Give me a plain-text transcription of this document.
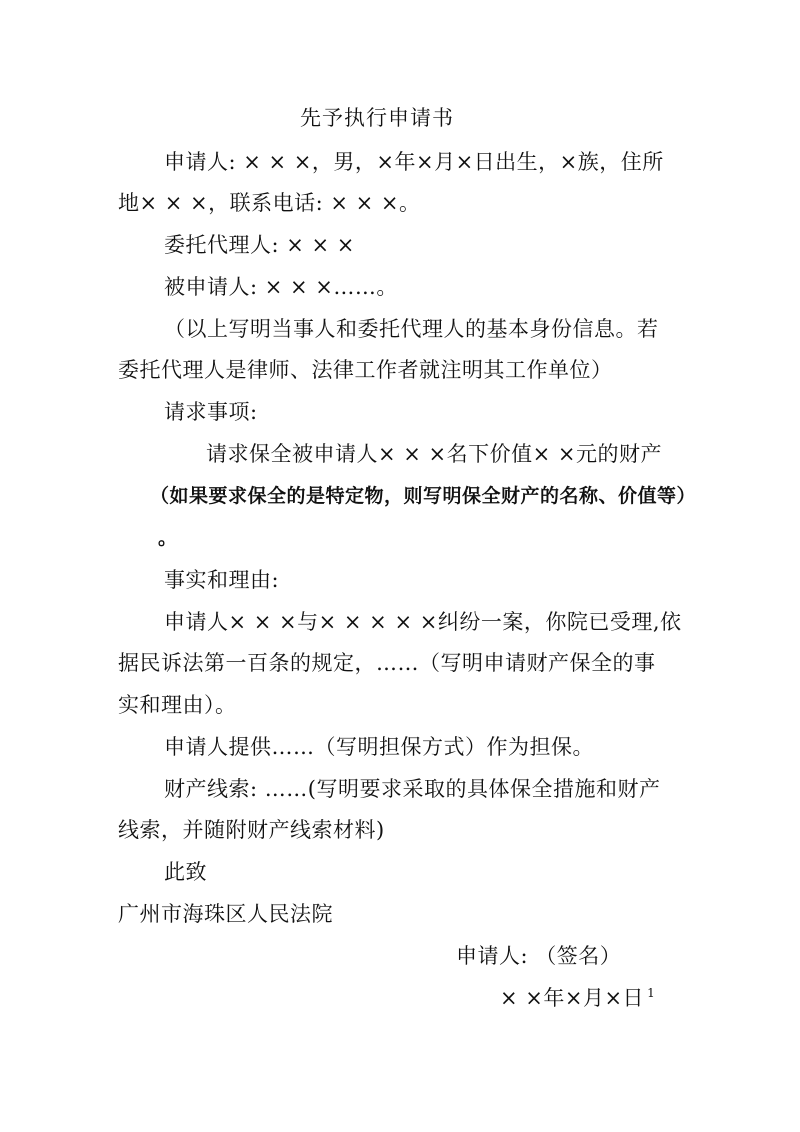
先予执行申请书
申请人: × × ×，男，×年×月×日出生，×族，住所
地× × ×，联系电话: × × ×。
委托代理人: × × ×
被申请人: × × ×……。
（以上写明当事人和委托代理人的基本身份信息。若
委托代理人是律师、法律工作者就注明其工作单位）
请求事项:
请求保全被申请人× × ×名下价值× ×元的财产
（如果要求保全的是特定物，则写明保全财产的名称、价值等）
。
事实和理由:
申请人× × ×与× × × × ×纠纷一案，你院已受理,依
据民诉法第一百条的规定，……（写明申请财产保全的事
实和理由）。
申请人提供……（写明担保方式）作为担保。
财产线索: ……(写明要求采取的具体保全措施和财产
线索，并随附财产线索材料)
此致
广州市海珠区人民法院
申请人: （签名）
× ×年×月×日 $^1$
